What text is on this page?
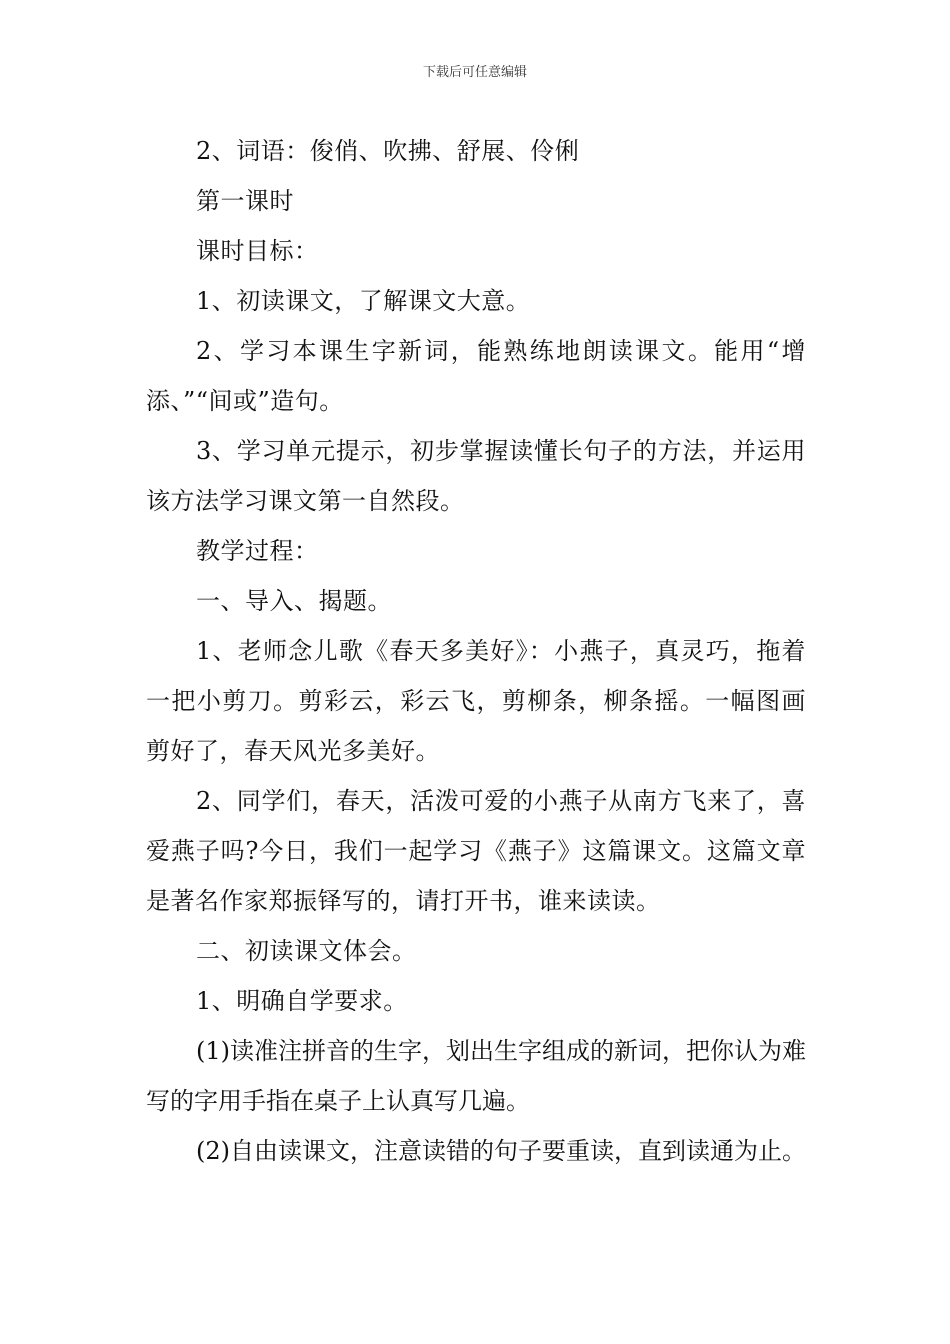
下载后可任意编辑

2、词语：俊俏、吹拂、舒展、伶俐

第一课时

课时目标：

1、初读课文，了解课文大意。

2、学习本课生字新词，能熟练地朗读课文。能用“增添、”“间或”造句。

3、学习单元提示，初步掌握读懂长句子的方法，并运用该方法学习课文第一自然段。

教学过程：

一、导入、揭题。

1、老师念儿歌《春天多美好》：小燕子，真灵巧，拖着一把小剪刀。剪彩云，彩云飞，剪柳条，柳条摇。一幅图画剪好了，春天风光多美好。

2、同学们，春天，活泼可爱的小燕子从南方飞来了，喜爱燕子吗?今日，我们一起学习《燕子》这篇课文。这篇文章是著名作家郑振铎写的，请打开书，谁来读读。

二、初读课文体会。

1、明确自学要求。

(1)读准注拼音的生字，划出生字组成的新词，把你认为难写的字用手指在桌子上认真写几遍。

(2)自由读课文，注意读错的句子要重读，直到读通为止。
